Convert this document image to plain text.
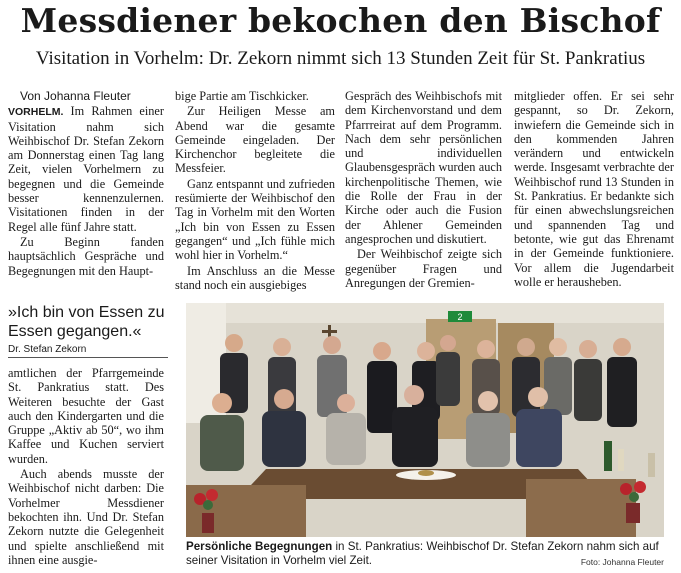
Messdiener bekochen den Bischof
Visitation in Vorhelm: Dr. Zekorn nimmt sich 13 Stunden Zeit für St. Pankratius

Von Johanna Fleuter

VORHELM. Im Rahmen einer Visitation nahm sich Weihbischof Dr. Stefan Zekorn am Donnerstag einen Tag lang Zeit, vielen Vorhelmern zu begegnen und die Gemeinde besser kennenzulernen. Visitationen finden in der Regel alle fünf Jahre statt.

Zu Beginn fanden hauptsächlich Gespräche und Begegnungen mit den Haupt-

»Ich bin von Essen zu Essen gegangen.«
Dr. Stefan Zekorn

amtlichen der Pfarrgemeinde St. Pankratius statt. Des Weiteren besuchte der Gast auch den Kindergarten und die Gruppe „Aktiv ab 50“, wo ihm Kaffee und Kuchen serviert wurden.

Auch abends musste der Weihbischof nicht darben: Die Vorhelmer Messdiener bekochten ihn. Und Dr. Stefan Zekorn nutzte die Gelegenheit und spielte anschließend mit ihnen eine ausgie-

bige Partie am Tischkicker.

Zur Heiligen Messe am Abend war die gesamte Gemeinde eingeladen. Der Kirchenchor begleitete die Messfeier.

Ganz entspannt und zufrieden resümierte der Weihbischof den Tag in Vorhelm mit den Worten „Ich bin von Essen zu Essen gegangen“ und „Ich fühle mich wohl hier in Vorhelm.“

Im Anschluss an die Messe stand noch ein ausgiebiges

Gespräch des Weihbischofs mit dem Kirchenvorstand und dem Pfarrreirat auf dem Programm. Nach dem sehr persönlichen und individuellen Glaubensgespräch wurden auch kirchenpolitische Themen, wie die Rolle der Frau in der Kirche oder auch die Fusion der Ahlener Gemeinden angesprochen und diskutiert.

Der Weihbischof zeigte sich gegenüber Fragen und Anregungen der Gremien-

mitglieder offen. Er sei sehr gespannt, so Dr. Zekorn, inwiefern die Gemeinde sich in den kommenden Jahren verändern und entwickeln werde. Insgesamt verbrachte der Weihbischof rund 13 Stunden in St. Pankratius. Er bedankte sich für einen abwechslungsreichen und spannenden Tag und betonte, wie gut das Ehrenamt in der Gemeinde funktioniere. Vor allem die Jugendarbeit wolle er herausheben.

2
Persönliche Begegnungen in St. Pankratius: Weihbischof Dr. Stefan Zekorn nahm sich auf seiner Visitation in Vorhelm viel Zeit.	Foto: Johanna Fleuter
